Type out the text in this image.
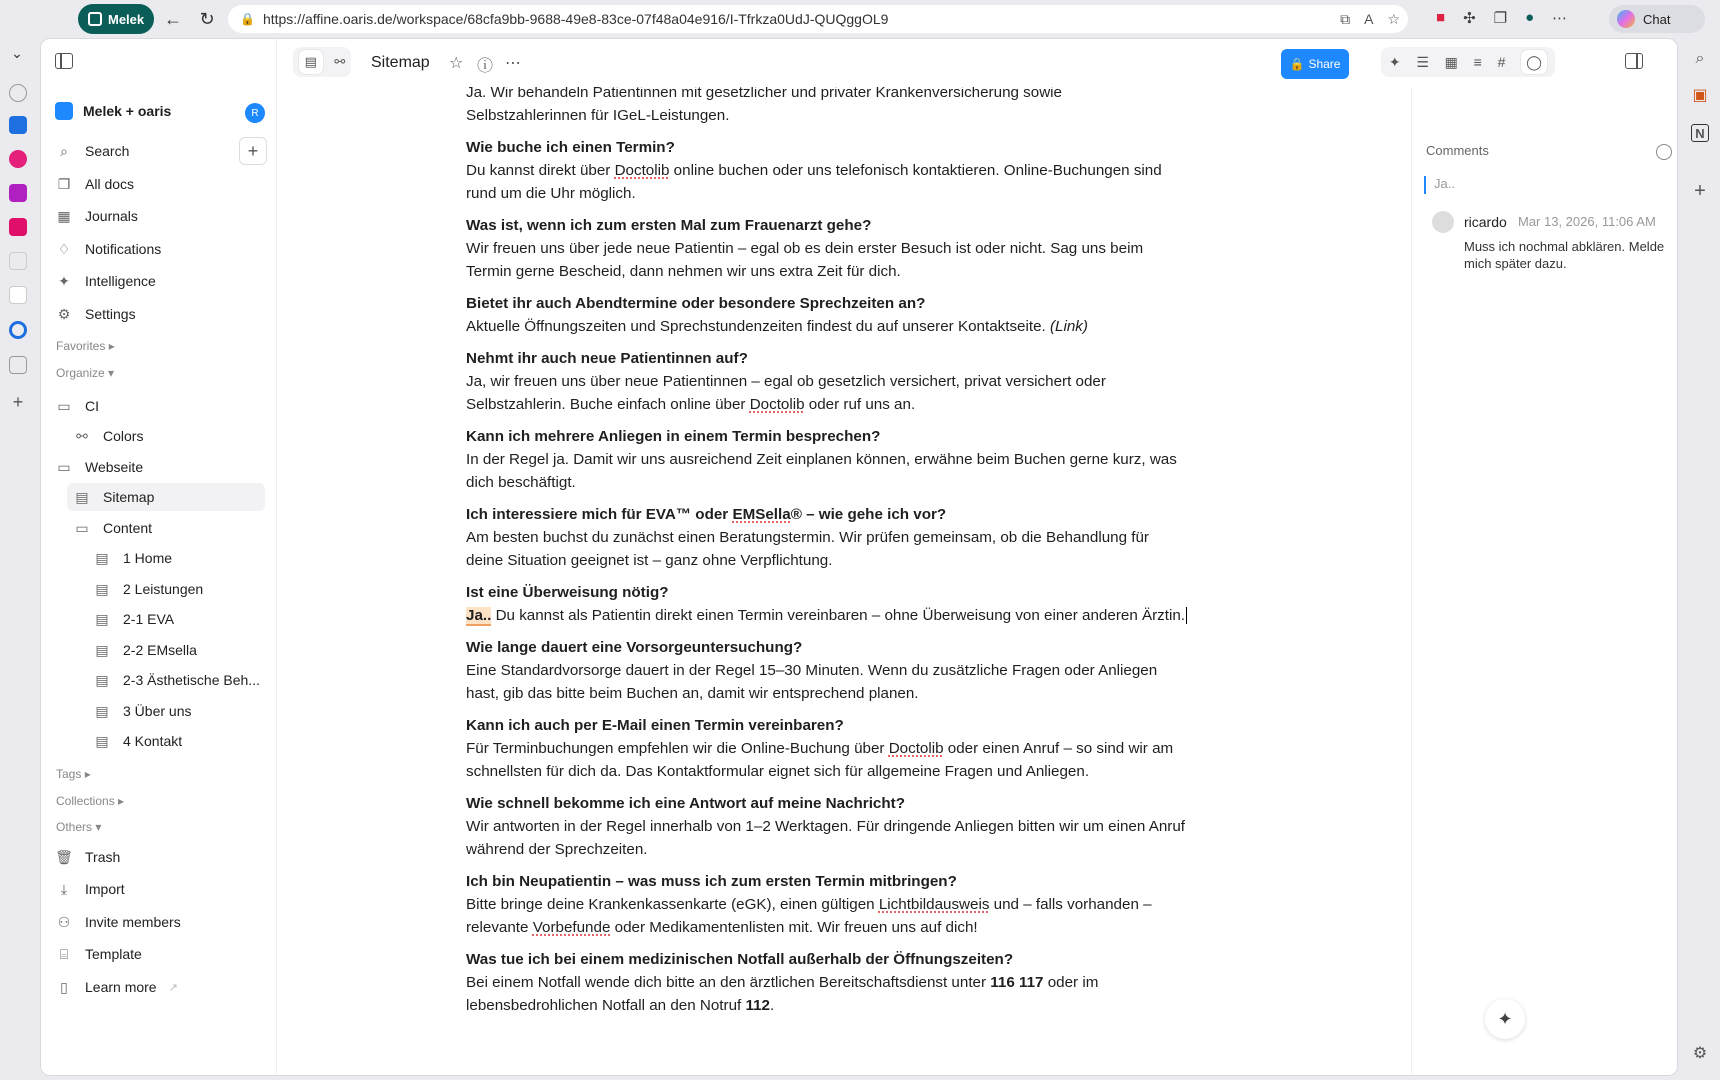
⌄
Melek ← ↻ 🔒 https://affine.oaris.de/workspace/68cfa9bb-9688-49e8-83ce-07f48a04e916/I-Tfrkza0UdJ-QUQggOL9	⧉ A ☆ ■ ✣ ❐ ● ⋯	Chat
+
⌕
▣
N
+
⚙
Melek + oaris	R
⌕	Search	+
❐ All docs
▦ Journals
♢ Notifications
✦ Intelligence
⚙ Settings
Favorites ▸
Organize ▾
▭ CI
⚯ Colors
▭ Webseite
▤ Sitemap
▭ Content
▤ 1 Home
▤ 2 Leistungen
▤ 2-1 EVA
▤ 2-2 EMsella
▤ 2-3 Ästhetische Beh...
▤ 3 Über uns
▤ 4 Kontakt
Tags ▸
Collections ▸
Others ▾
🗑 Trash
⤓	Import
⚇ Invite members
⌸	Template
▯	Learn more ↗
▤	⚯ Sitemap ☆ ⓘ ⋯	🔒 Share	✦ ☰ ▦ ≡ #	◯
Ja. Wir behandeln Patientinnen mit gesetzlicher und privater Krankenversicherung sowie
Selbstzahlerinnen für IGeL-Leistungen.
Wie buche ich einen Termin?
Du kannst direkt über Doctolib online buchen oder uns telefonisch kontaktieren. Online-Buchungen sind rund um die Uhr möglich.
Was ist, wenn ich zum ersten Mal zum Frauenarzt gehe?
Wir freuen uns über jede neue Patientin – egal ob es dein erster Besuch ist oder nicht. Sag uns beim Termin gerne Bescheid, dann nehmen wir uns extra Zeit für dich.
Bietet ihr auch Abendtermine oder besondere Sprechzeiten an?
Aktuelle Öffnungszeiten und Sprechstundenzeiten findest du auf unserer Kontaktseite. (Link)
Nehmt ihr auch neue Patientinnen auf?
Ja, wir freuen uns über neue Patientinnen – egal ob gesetzlich versichert, privat versichert oder Selbstzahlerin. Buche einfach online über Doctolib oder ruf uns an.
Kann ich mehrere Anliegen in einem Termin besprechen?
In der Regel ja. Damit wir uns ausreichend Zeit einplanen können, erwähne beim Buchen gerne kurz, was dich beschäftigt.
Ich interessiere mich für EVA™ oder EMSella® – wie gehe ich vor?
Am besten buchst du zunächst einen Beratungstermin. Wir prüfen gemeinsam, ob die Behandlung für deine Situation geeignet ist – ganz ohne Verpflichtung.
Ist eine Überweisung nötig?
Ja.. Du kannst als Patientin direkt einen Termin vereinbaren – ohne Überweisung von einer anderen Ärztin.
Wie lange dauert eine Vorsorgeuntersuchung?
Eine Standardvorsorge dauert in der Regel 15–30 Minuten. Wenn du zusätzliche Fragen oder Anliegen hast, gib das bitte beim Buchen an, damit wir entsprechend planen.
Kann ich auch per E-Mail einen Termin vereinbaren?
Für Terminbuchungen empfehlen wir die Online-Buchung über Doctolib oder einen Anruf – so sind wir am schnellsten für dich da. Das Kontaktformular eignet sich für allgemeine Fragen und Anliegen.
Wie schnell bekomme ich eine Antwort auf meine Nachricht?
Wir antworten in der Regel innerhalb von 1–2 Werktagen. Für dringende Anliegen bitten wir um einen Anruf während der Sprechzeiten.
Ich bin Neupatientin – was muss ich zum ersten Termin mitbringen?
Bitte bringe deine Krankenkassenkarte (eGK), einen gültigen Lichtbildausweis und – falls vorhanden – relevante Vorbefunde oder Medikamentenlisten mit. Wir freuen uns auf dich!
Was tue ich bei einem medizinischen Notfall außerhalb der Öffnungszeiten?
Bei einem Notfall wende dich bitte an den ärztlichen Bereitschaftsdienst unter 116 117 oder im lebensbedrohlichen Notfall an den Notruf 112.
Comments
Ja..
ricardo Mar 13, 2026, 11:06 AM
Muss ich nochmal abklären. Melde mich später dazu.
✦
